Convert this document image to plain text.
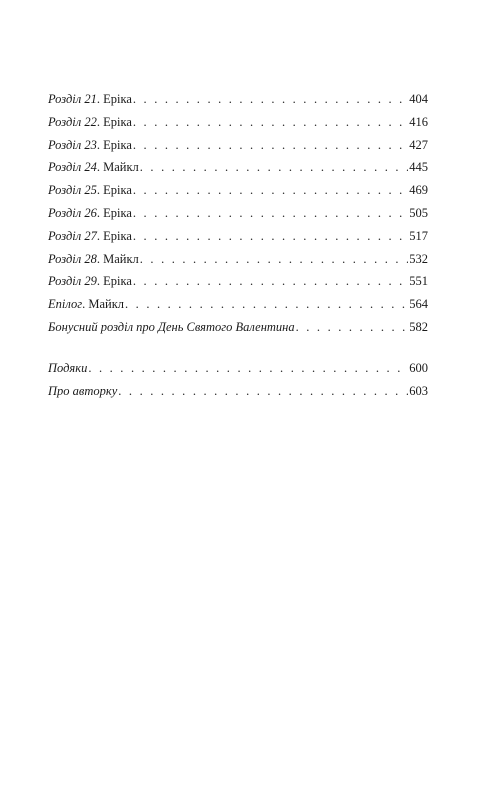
Розділ 21. Еріка . . .	404
Розділ 22. Еріка . . .	416
Розділ 23. Еріка . . .	427
Розділ 24. Майкл . . .	445
Розділ 25. Еріка . . .	469
Розділ 26. Еріка . . .	505
Розділ 27. Еріка . . .	517
Розділ 28. Майкл . . .	532
Розділ 29. Еріка . . .	551
Епілог. Майкл . . .	564
Бонусний розділ про День Святого Валентина . . .	582
Подяки . . .	600
Про авторку . . .	603
